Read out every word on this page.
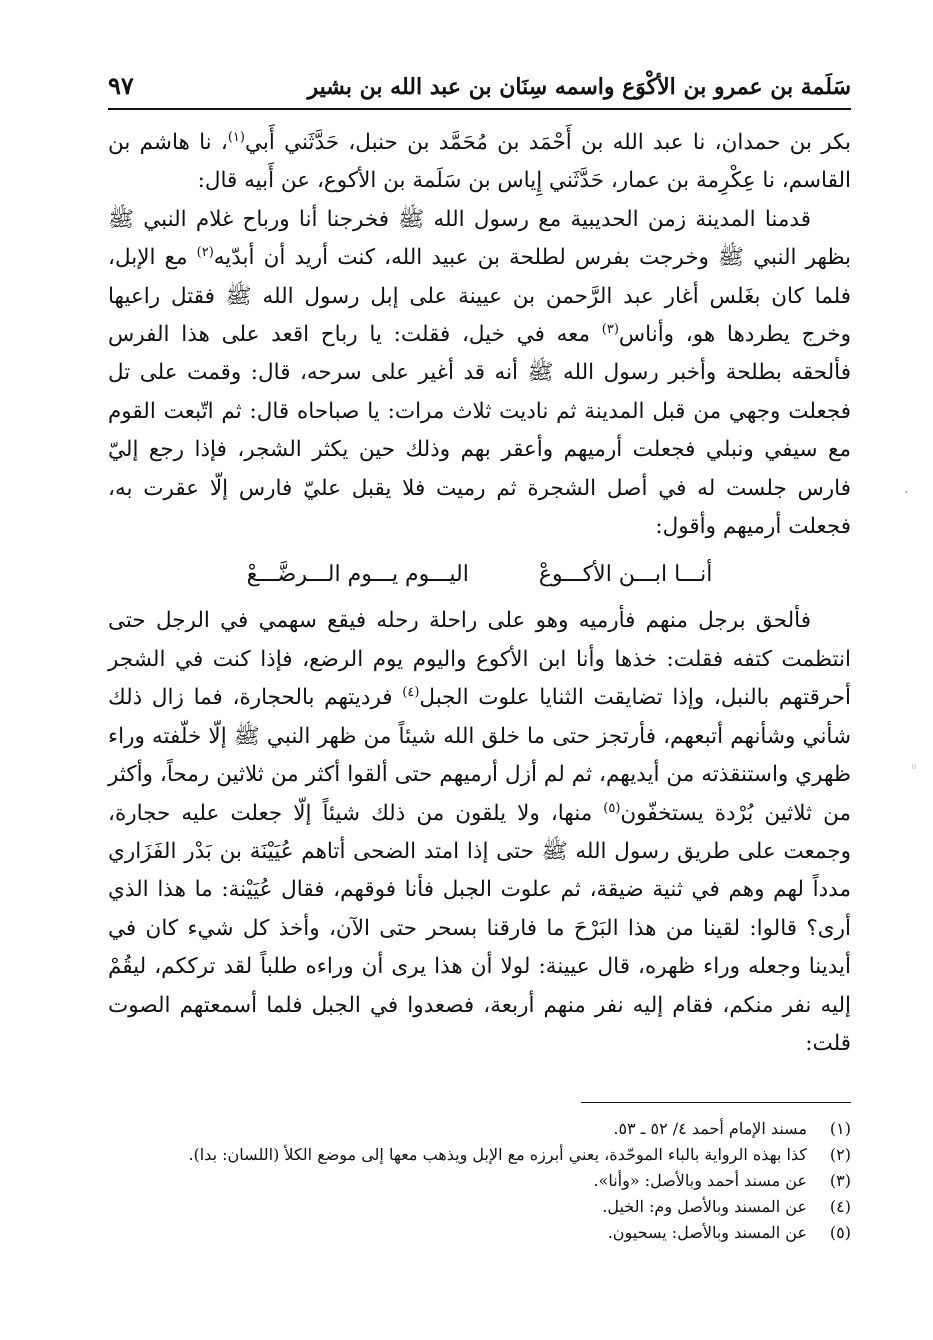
سَلَمة بن عمرو بن الأكْوَع واسمه سِنَان بن عبد الله بن بشير
٩٧

بكر بن حمدان، نا عبد الله بن أَحْمَد بن مُحَمَّد بن حنبل، حَدَّثَني أَبي$^{(١)}$، نا هاشم بن القاسم، نا عِكْرِمة بن عمار، حَدَّثَني إِياس بن سَلَمة بن الأكوع، عن أَبيه قال:

قدمنا المدينة زمن الحديبية مع رسول الله ﷺ فخرجنا أنا ورباح غلام النبي ﷺ بظهر النبي ﷺ وخرجت بفرس لطلحة بن عبيد الله، كنت أريد أن أبدّيه$^{(٢)}$ مع الإبل، فلما كان بغَلس أغار عبد الرَّحمن بن عيينة على إبل رسول الله ﷺ فقتل راعيها وخرج يطردها هو، وأناس$^{(٣)}$ معه في خيل، فقلت: يا رباح اقعد على هذا الفرس فألحقه بطلحة وأخبر رسول الله ﷺ أنه قد أغير على سرحه، قال: وقمت على تل فجعلت وجهي من قبل المدينة ثم ناديت ثلاث مرات: يا صباحاه قال: ثم اتّبعت القوم مع سيفي ونبلي فجعلت أرميهم وأعقر بهم وذلك حين يكثر الشجر، فإذا رجع إليّ فارس جلست له في أصل الشجرة ثم رميت فلا يقبل عليّ فارس إلّا عقرت به، فجعلت أرميهم وأقول:

أنـــا ابـــن الأكـــوعْ
اليـــوم يـــوم الـــرضَّـــعْ

فألحق برجل منهم فأرميه وهو على راحلة رحله فيقع سهمي في الرجل حتى انتظمت كتفه فقلت: خذها وأنا ابن الأكوع واليوم يوم الرضع، فإذا كنت في الشجر أحرقتهم بالنبل، وإذا تضايقت الثنايا علوت الجبل$^{(٤)}$ فرديتهم بالحجارة، فما زال ذلك شأني وشأنهم أتبعهم، فأرتجز حتى ما خلق الله شيئاً من ظهر النبي ﷺ إلّا خلّفته وراء ظهري واستنقذته من أيديهم، ثم لم أزل أرميهم حتى ألقوا أكثر من ثلاثين رمحاً، وأكثر من ثلاثين بُرْدة يستخفّون$^{(٥)}$ منها، ولا يلقون من ذلك شيئاً إلّا جعلت عليه حجارة، وجمعت على طريق رسول الله ﷺ حتى إذا امتد الضحى أتاهم عُيَيْنَة بن بَدْر الفَزَاري مدداً لهم وهم في ثنية ضيقة، ثم علوت الجبل فأنا فوقهم، فقال عُيَيْنة: ما هذا الذي أرى؟ قالوا: لقينا من هذا البَرْحَ ما فارقنا بسحر حتى الآن، وأخذ كل شيء كان في أيدينا وجعله وراء ظهره، قال عيينة: لولا أن هذا يرى أن وراءه طلباً لقد ترككم، ليقُمْ إليه نفر منكم، فقام إليه نفر منهم أربعة، فصعدوا في الجبل فلما أسمعتهم الصوت قلت:

(١)
مسند الإمام أحمد ٤/ ٥٢ ـ ٥٣.
(٢)
كذا بهذه الرواية بالباء الموحّدة، يعني أبرزه مع الإبل ويذهب معها إلى موضع الكلأ (اللسان: بدا).
(٣)
عن مسند أحمد وبالأصل: «وأنا».
(٤)
عن المسند وبالأصل وم: الخيل.
(٥)
عن المسند وبالأصل: يسحيون.
·
◦
